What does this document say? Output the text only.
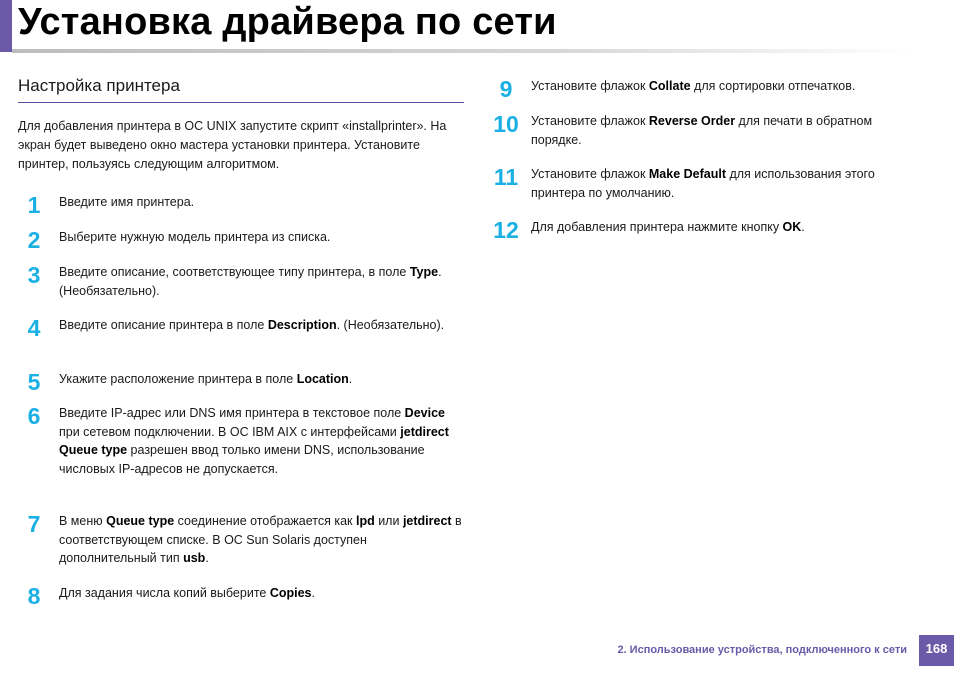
Установка драйвера по сети
Настройка принтера

Для добавления принтера в ОС UNIX запустите скрипт «installprinter». На экран будет выведено окно мастера установки принтера. Установите принтер, пользуясь следующим алгоритмом.

1	Введите имя принтера.
2	Выберите нужную модель принтера из списка.
3	Введите описание, соответствующее типу принтера, в поле Type. (Необязательно).
4	Введите описание принтера в поле Description. (Необязательно).
5	Укажите расположение принтера в поле Location.
6	Введите IP-адрес или DNS имя принтера в текстовое поле Device при сетевом подключении. В ОС IBM AIX с интерфейсами jetdirect Queue type разрешен ввод только имени DNS, использование числовых IP-адресов не допускается.
7	В меню Queue type соединение отображается как lpd или jetdirect в соответствующем списке. В ОС Sun Solaris доступен дополнительный тип usb.
8	Для задания числа копий выберите Copies.
9	Установите флажок Collate для сортировки отпечатков.
10 Установите флажок Reverse Order для печати в обратном порядке.
11	Установите флажок Make Default для использования этого принтера по умолчанию.
12 Для добавления принтера нажмите кнопку OK.
2. Использование устройства, подключенного к сети	168
